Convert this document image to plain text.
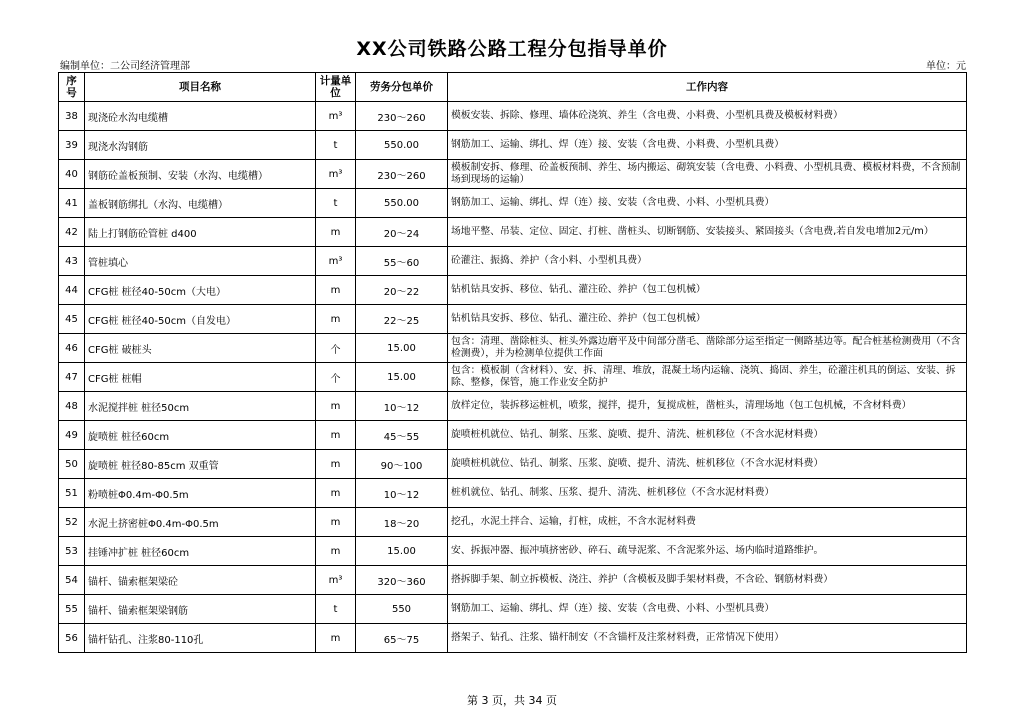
XX公司铁路公路工程分包指导单价
编制单位：二公司经济管理部	单位：元
序号	项目名称	计量单位	劳务分包单价	工作内容
38	现浇砼水沟电缆槽	m³	230～260	模板安装、拆除、修理、墙体砼浇筑、养生（含电费、小料费、小型机具费及模板材料费）
39	现浇水沟钢筋	t	550.00	钢筋加工、运输、绑扎、焊（连）接、安装（含电费、小料费、小型机具费）
40	钢筋砼盖板预制、安装（水沟、电缆槽）	m³	230～260	模板制安拆、修理、砼盖板预制、养生、场内搬运、砌筑安装（含电费、小料费、小型机具费、模板材料费，不含预制场到现场的运输）
41	盖板钢筋绑扎（水沟、电缆槽）	t	550.00	钢筋加工、运输、绑扎、焊（连）接、安装（含电费、小料、小型机具费）
42	陆上打钢筋砼管桩 d400	m	20～24	场地平整、吊装、定位、固定、打桩、凿桩头、切断钢筋、安装接头、紧固接头（含电费,若自发电增加2元/m）
43	管桩填心	m³	55～60	砼灌注、振捣、养护（含小料、小型机具费）
44	CFG桩 桩径40-50cm（大电）	m	20～22	钻机钻具安拆、移位、钻孔、灌注砼、养护（包工包机械）
45	CFG桩 桩径40-50cm（自发电）	m	22～25	钻机钻具安拆、移位、钻孔、灌注砼、养护（包工包机械）
46	CFG桩 破桩头	个	15.00	包含：清理、凿除桩头、桩头外露边磨平及中间部分凿毛、凿除部分运至指定一侧路基边等。配合桩基检测费用（不含检测费），并为检测单位提供工作面
47	CFG桩 桩帽	个	15.00	包含：模板制（含材料）、安、拆、清理、堆放，混凝土场内运输、浇筑、捣固、养生，砼灌注机具的倒运、安装、拆除、整修，保管，施工作业安全防护
48	水泥搅拌桩 桩径50cm	m	10～12	放样定位，装拆移运桩机，喷浆，搅拌，提升，复搅成桩，凿桩头，清理场地（包工包机械，不含材料费）
49	旋喷桩 桩径60cm	m	45～55	旋喷桩机就位、钻孔、制浆、压浆、旋喷、提升、清洗、桩机移位（不含水泥材料费）
50	旋喷桩 桩径80-85cm 双重管	m	90～100	旋喷桩机就位、钻孔、制浆、压浆、旋喷、提升、清洗、桩机移位（不含水泥材料费）
51	粉喷桩Φ0.4m-Φ0.5m	m	10～12	桩机就位、钻孔、制浆、压浆、提升、清洗、桩机移位（不含水泥材料费）
52	水泥土挤密桩Φ0.4m-Φ0.5m	m	18～20	挖孔，水泥土拌合、运输，打桩，成桩，不含水泥材料费
53	挂锤冲扩桩 桩径60cm	m	15.00	安、拆振冲器、振冲填挤密砂、碎石、疏导泥浆、不含泥浆外运、场内临时道路维护。
54	锚杆、锚索框架梁砼	m³	320～360	搭拆脚手架、制立拆模板、浇注、养护（含模板及脚手架材料费，不含砼、钢筋材料费）
55	锚杆、锚索框架梁钢筋	t	550	钢筋加工、运输、绑扎、焊（连）接、安装（含电费、小料、小型机具费）
56	锚杆钻孔、注浆80-110孔	m	65～75	搭架子、钻孔、注浆、锚杆制安（不含锚杆及注浆材料费，正常情况下使用）
第 3 页，共 34 页
